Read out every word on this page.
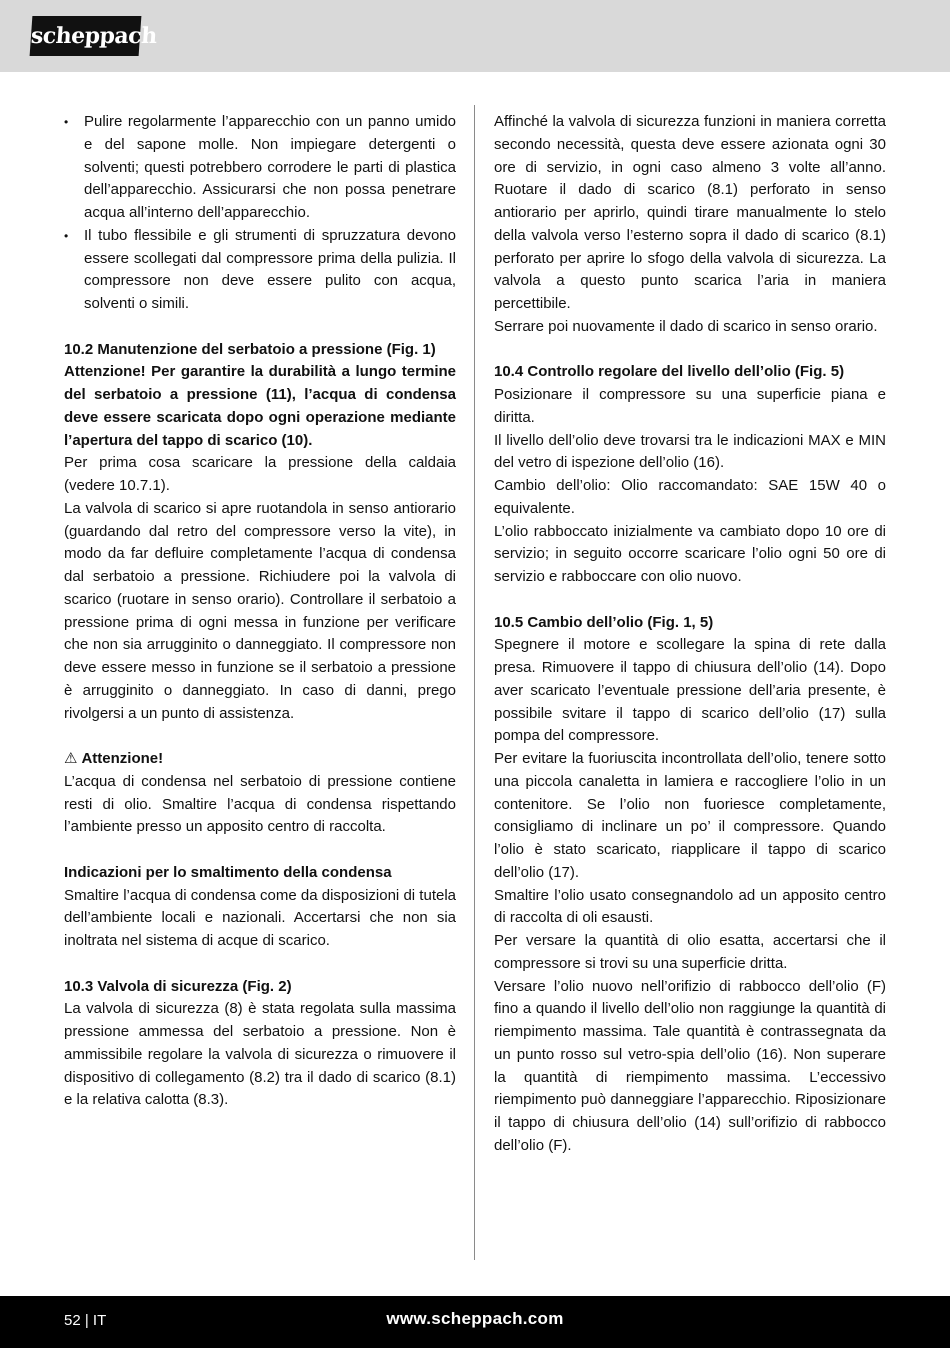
scheppach
• Pulire regolarmente l’apparecchio con un panno umido e del sapone molle. Non impiegare detergenti o solventi; questi potrebbero corrodere le parti di plastica dell’apparecchio. Assicurarsi che non possa penetrare acqua all’interno dell’apparecchio.
• Il tubo flessibile e gli strumenti di spruzzatura devono essere scollegati dal compressore prima della pulizia. Il compressore non deve essere pulito con acqua, solventi o simili.

10.2 Manutenzione del serbatoio a pressione (Fig. 1)

Attenzione! Per garantire la durabilità a lungo termine del serbatoio a pressione (11), l’acqua di condensa deve essere scaricata dopo ogni operazione mediante l’apertura del tappo di scarico (10).

Per prima cosa scaricare la pressione della caldaia (vedere 10.7.1).

La valvola di scarico si apre ruotandola in senso antiorario (guardando dal retro del compressore verso la vite), in modo da far defluire completamente l’acqua di condensa dal serbatoio a pressione. Richiudere poi la valvola di scarico (ruotare in senso orario). Controllare il serbatoio a pressione prima di ogni messa in funzione per verificare che non sia arrugginito o danneggiato. Il compressore non deve essere messo in funzione se il serbatoio a pressione è arrugginito o danneggiato. In caso di danni, prego rivolgersi a un punto di assistenza.

⚠ Attenzione!

L’acqua di condensa nel serbatoio di pressione contiene resti di olio. Smaltire l’acqua di condensa rispettando l’ambiente presso un apposito centro di raccolta.

Indicazioni per lo smaltimento della condensa

Smaltire l’acqua di condensa come da disposizioni di tutela dell’ambiente locali e nazionali. Accertarsi che non sia inoltrata nel sistema di acque di scarico.

10.3 Valvola di sicurezza (Fig. 2)

La valvola di sicurezza (8) è stata regolata sulla massima pressione ammessa del serbatoio a pressione. Non è ammissibile regolare la valvola di sicurezza o rimuovere il dispositivo di collegamento (8.2) tra il dado di scarico (8.1) e la relativa calotta (8.3).

Affinché la valvola di sicurezza funzioni in maniera corretta secondo necessità, questa deve essere azionata ogni 30 ore di servizio, in ogni caso almeno 3 volte all’anno. Ruotare il dado di scarico (8.1) perforato in senso antiorario per aprirlo, quindi tirare manualmente lo stelo della valvola verso l’esterno sopra il dado di scarico (8.1) perforato per aprire lo sfogo della valvola di sicurezza. La valvola a questo punto scarica l’aria in maniera percettibile.

Serrare poi nuovamente il dado di scarico in senso orario.

10.4 Controllo regolare del livello dell’olio (Fig. 5)

Posizionare il compressore su una superficie piana e diritta.

Il livello dell’olio deve trovarsi tra le indicazioni MAX e MIN del vetro di ispezione dell’olio (16).

Cambio dell’olio: Olio raccomandato: SAE 15W 40 o equivalente.

L’olio rabboccato inizialmente va cambiato dopo 10 ore di servizio; in seguito occorre scaricare l’olio ogni 50 ore di servizio e rabboccare con olio nuovo.

10.5 Cambio dell’olio (Fig. 1, 5)

Spegnere il motore e scollegare la spina di rete dalla presa. Rimuovere il tappo di chiusura dell’olio (14). Dopo aver scaricato l’eventuale pressione dell’aria presente, è possibile svitare il tappo di scarico dell’olio (17) sulla pompa del compressore.

Per evitare la fuoriuscita incontrollata dell’olio, tenere sotto una piccola canaletta in lamiera e raccogliere l’olio in un contenitore. Se l’olio non fuoriesce completamente, consigliamo di inclinare un po’ il compressore. Quando l’olio è stato scaricato, riapplicare il tappo di scarico dell’olio (17).

Smaltire l’olio usato consegnandolo ad un apposito centro di raccolta di oli esausti.

Per versare la quantità di olio esatta, accertarsi che il compressore si trovi su una superficie dritta.

Versare l’olio nuovo nell’orifizio di rabbocco dell’olio (F) fino a quando il livello dell’olio non raggiunge la quantità di riempimento massima. Tale quantità è contrassegnata da un punto rosso sul vetro-spia dell’olio (16). Non superare la quantità di riempimento massima. L’eccessivo riempimento può danneggiare l’apparecchio. Riposizionare il tappo di chiusura dell’olio (14) sull’orifizio di rabbocco dell’olio (F).

52 | IT	www.scheppach.com
